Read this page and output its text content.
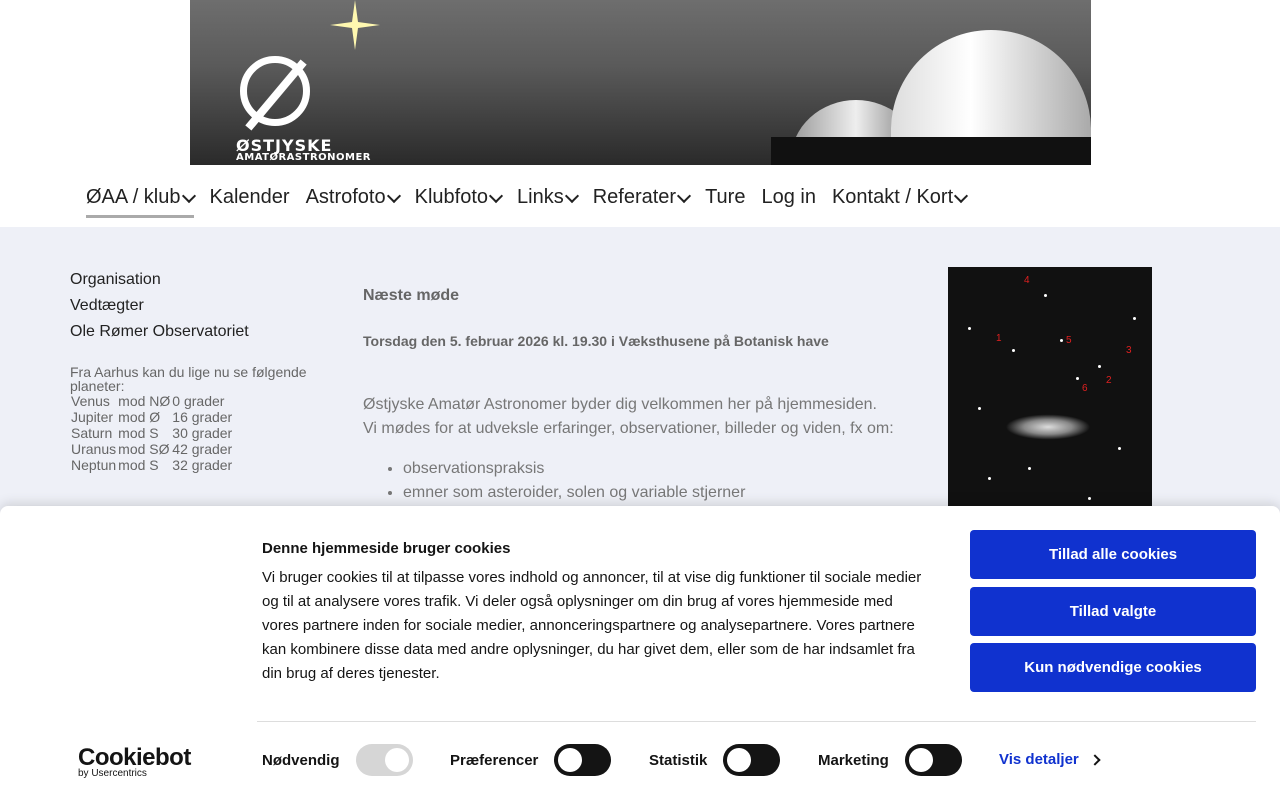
ØSTJYSKE
AMATØRASTRONOMER
ØAA / klub Kalender Astrofoto Klubfoto Links Referater Ture Log in Kontakt / Kort
Organisation
Vedtægter
Ole Rømer Observatoriet
Fra Aarhus kan du lige nu se følgende planeter:
Venus	mod NØ	0 grader
Jupiter	mod Ø	16 grader
Saturn	mod S	30 grader
Uranus	mod SØ	42 grader
Neptun	mod S	32 grader
Næste møde
Torsdag den 5. februar 2026 kl. 19.30 i Væksthusene på Botanisk have
Østjyske Amatør Astronomer byder dig velkommen her på hjemmesiden.
Vi mødes for at udveksle erfaringer, observationer, billeder og viden, fx om:
• observationspraksis
• emner som asteroider, solen og variable stjerner
4
1	5
3
2
6
Denne hjemmeside bruger cookies
Vi bruger cookies til at tilpasse vores indhold og annoncer, til at vise dig funktioner til sociale medier og til at analysere vores trafik. Vi deler også oplysninger om din brug af vores hjemmeside med vores partnere inden for sociale medier, annonceringspartnere og analysepartnere. Vores partnere kan kombinere disse data med andre oplysninger, du har givet dem, eller som de har indsamlet fra din brug af deres tjenester.
Tillad alle cookies
Tillad valgte
Kun nødvendige cookies
Cookiebot
by Usercentrics
Nødvendig	Præferencer	Statistik	Marketing	Vis detaljer
